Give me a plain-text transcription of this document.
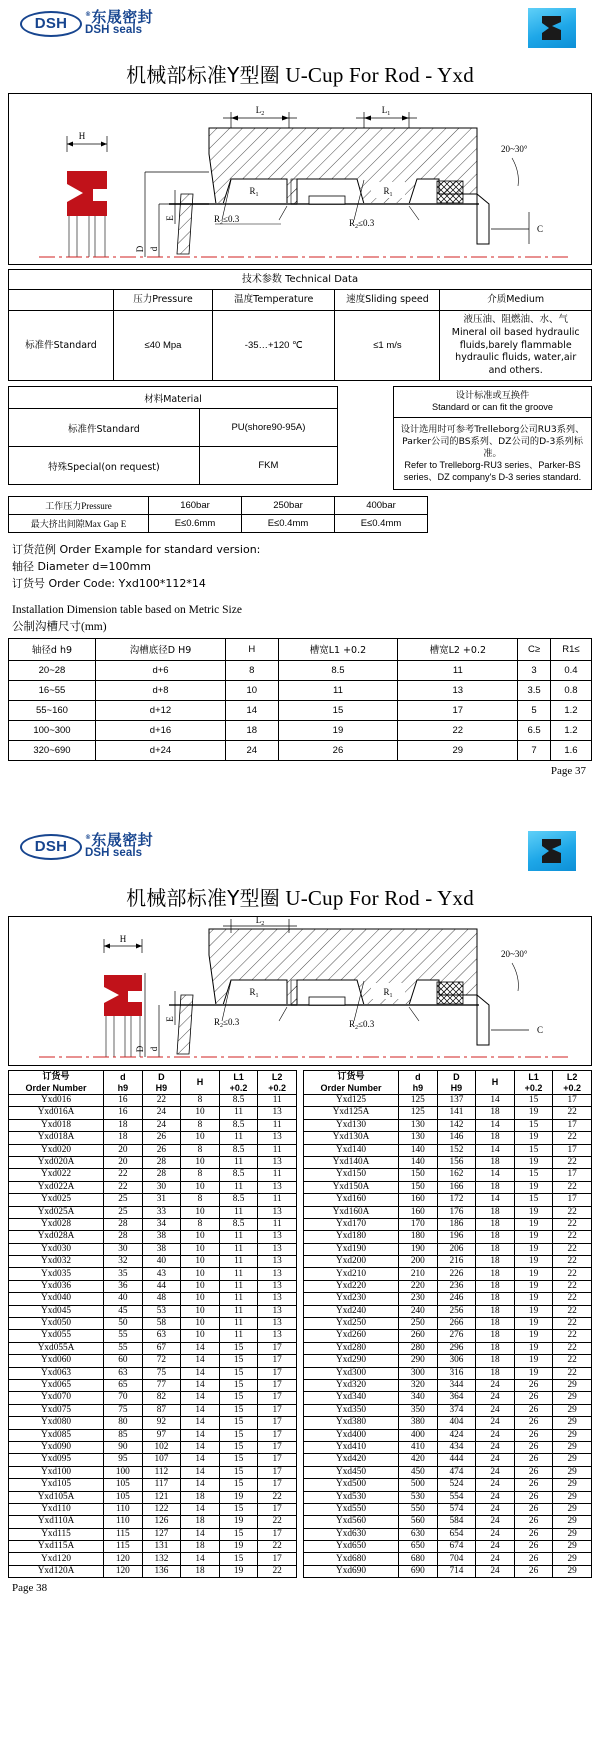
DSH
®东晟密封
DSH seals
机械部标准Y型圈 U-Cup For Rod - Yxd
H
$L_2$	$L_1$
$R_1$	$R_1$
$R_2\le 0.3$	$R_2\le 0.3$
D d
E
20~30°
C
技术参数 Technical Data				
	压力Pressure	温度Temperature	速度Sliding speed	介质Medium
标准件Standard	≤40 Mpa	-35…+120 ℃	≤1 m/s	液压油、阻燃油、水、气Mineral oil based hydraulic fluids,barely flammable hydraulic fluids, water,air and others.
材料Material	
标准件Standard	PU(shore90-95A)
特殊Special(on request)	FKM
设计标准或互换件
Standard or can fit the groove

设计选用时可参考Trelleborg公司RU3系列、Parker公司的BS系列、DZ公司的D-3系列标准。
Refer to Trelleborg-RU3 series、Parker-BS series、DZ company's D-3 series standard.
工作压力Pressure	160bar	250bar	400bar
最大挤出间隙Max Gap E	E≤0.6mm	E≤0.4mm	E≤0.4mm
订货范例 Order Example for standard version:
轴径 Diameter d=100mm
订货号 Order Code: Yxd100*112*14
Installation Dimension table based on Metric Size
公制沟槽尺寸(mm)
轴径d h9	沟槽底径D H9	H	槽宽L1 +0.2	槽宽L2 +0.2	C≥	R1≤
20~28	d+6	8	8.5	11	3	0.4
16~55	d+8	10	11	13	3.5	0.8
55~160	d+12	14	15	17	5	1.2
100~300	d+16	18	19	22	6.5	1.2
320~690	d+24	24	26	29	7	1.6
Page 37
DSH
®东晟密封
DSH seals
机械部标准Y型圈 U-Cup For Rod - Yxd
H
$L_2$
$R_1$	$R_1$
$R_2\le 0.3$	$R_2\le 0.3$
D d
E
20~30°
C
订货号
Order Number

d
h9

D
H9
	H	
L1
+0.2

L2
+0.2

Yxd016	16	22	8	8.5	11
Yxd016A	16	24	10	11	13
Yxd018	18	24	8	8.5	11
Yxd018A	18	26	10	11	13
Yxd020	20	26	8	8.5	11
Yxd020A	20	28	10	11	13
Yxd022	22	28	8	8.5	11
Yxd022A	22	30	10	11	13
Yxd025	25	31	8	8.5	11
Yxd025A	25	33	10	11	13
Yxd028	28	34	8	8.5	11
Yxd028A	28	38	10	11	13
Yxd030	30	38	10	11	13
Yxd032	32	40	10	11	13
Yxd035	35	43	10	11	13
Yxd036	36	44	10	11	13
Yxd040	40	48	10	11	13
Yxd045	45	53	10	11	13
Yxd050	50	58	10	11	13
Yxd055	55	63	10	11	13
Yxd055A	55	67	14	15	17
Yxd060	60	72	14	15	17
Yxd063	63	75	14	15	17
Yxd065	65	77	14	15	17
Yxd070	70	82	14	15	17
Yxd075	75	87	14	15	17
Yxd080	80	92	14	15	17
Yxd085	85	97	14	15	17
Yxd090	90	102	14	15	17
Yxd095	95	107	14	15	17
Yxd100	100	112	14	15	17
Yxd105	105	117	14	15	17
Yxd105A	105	121	18	19	22
Yxd110	110	122	14	15	17
Yxd110A	110	126	18	19	22
Yxd115	115	127	14	15	17
Yxd115A	115	131	18	19	22
Yxd120	120	132	14	15	17
Yxd120A	120	136	18	19	22
订货号
Order Number

d
h9

D
H9
	H	
L1
+0.2

L2
+0.2

Yxd125	125	137	14	15	17
Yxd125A	125	141	18	19	22
Yxd130	130	142	14	15	17
Yxd130A	130	146	18	19	22
Yxd140	140	152	14	15	17
Yxd140A	140	156	18	19	22
Yxd150	150	162	14	15	17
Yxd150A	150	166	18	19	22
Yxd160	160	172	14	15	17
Yxd160A	160	176	18	19	22
Yxd170	170	186	18	19	22
Yxd180	180	196	18	19	22
Yxd190	190	206	18	19	22
Yxd200	200	216	18	19	22
Yxd210	210	226	18	19	22
Yxd220	220	236	18	19	22
Yxd230	230	246	18	19	22
Yxd240	240	256	18	19	22
Yxd250	250	266	18	19	22
Yxd260	260	276	18	19	22
Yxd280	280	296	18	19	22
Yxd290	290	306	18	19	22
Yxd300	300	316	18	19	22
Yxd320	320	344	24	26	29
Yxd340	340	364	24	26	29
Yxd350	350	374	24	26	29
Yxd380	380	404	24	26	29
Yxd400	400	424	24	26	29
Yxd410	410	434	24	26	29
Yxd420	420	444	24	26	29
Yxd450	450	474	24	26	29
Yxd500	500	524	24	26	29
Yxd530	530	554	24	26	29
Yxd550	550	574	24	26	29
Yxd560	560	584	24	26	29
Yxd630	630	654	24	26	29
Yxd650	650	674	24	26	29
Yxd680	680	704	24	26	29
Yxd690	690	714	24	26	29
Page 38
